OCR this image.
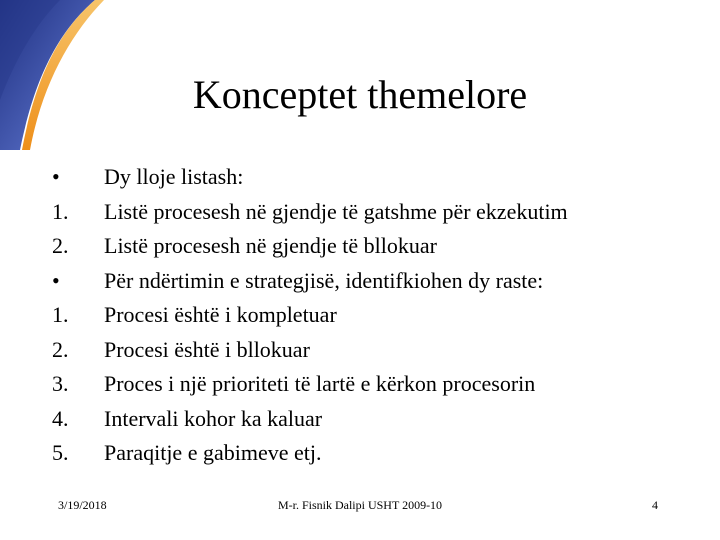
Konceptet themelore
•	Dy lloje listash:
1.	Listë procesesh në gjendje të gatshme për ekzekutim
2.	Listë procesesh në gjendje të bllokuar
•	Për ndërtimin e strategjisë, identifkiohen dy raste:
1.	Procesi është i kompletuar
2.	Procesi është i bllokuar
3.	Proces i një prioriteti të lartë e kërkon procesorin
4.	Intervali kohor ka kaluar
5.	Paraqitje e gabimeve etj.
3/19/2018	M-r. Fisnik Dalipi USHT 2009-10	4
